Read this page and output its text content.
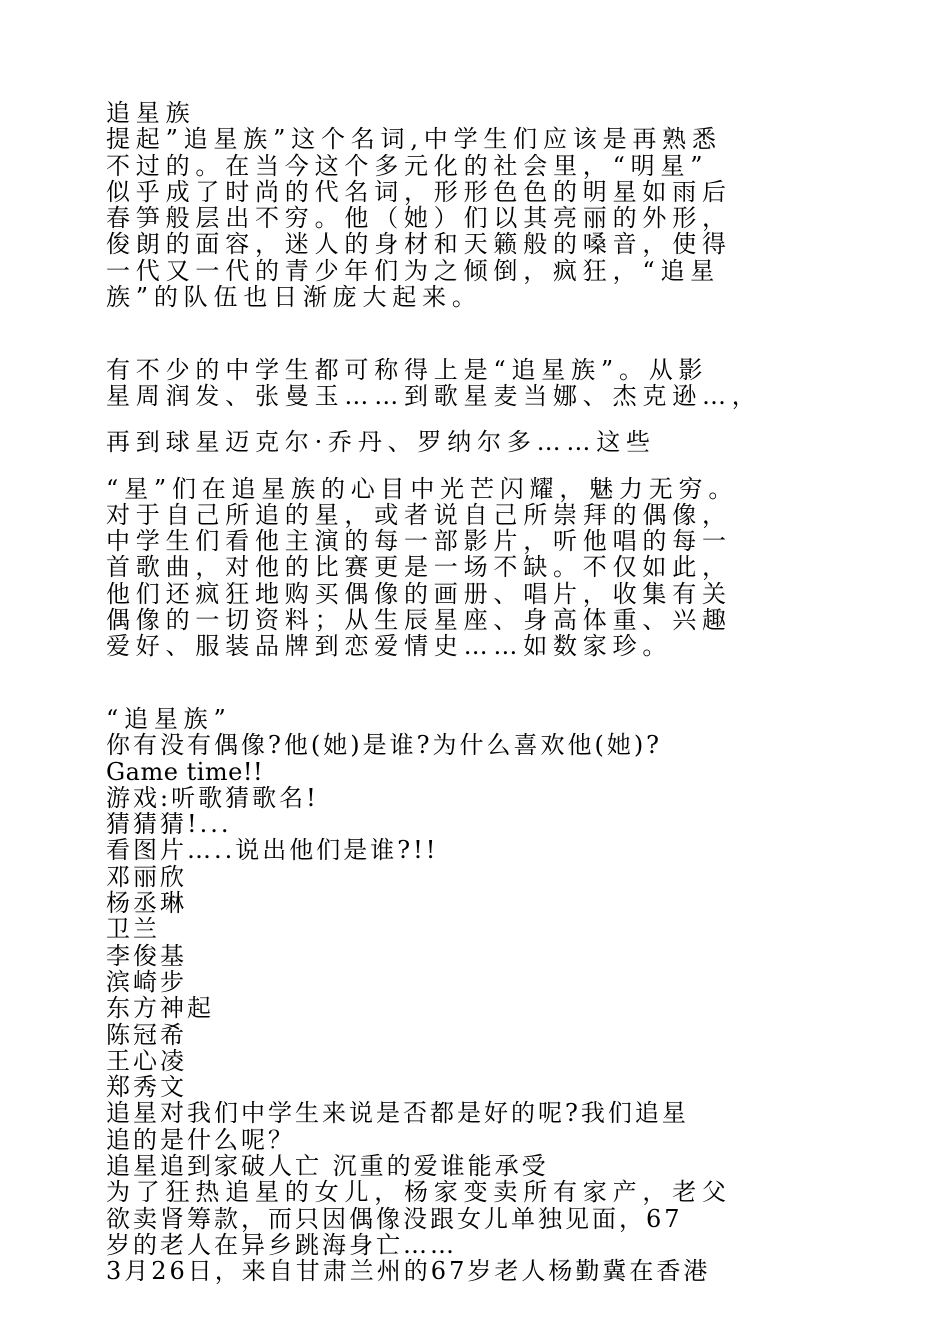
追星族
提起”追星族”这个名词,中学生们应该是再熟悉
不过的。在当今这个多元化的社会里，“明星”
似乎成了时尚的代名词，形形色色的明星如雨后
春笋般层出不穷。他（她）们以其亮丽的外形，
俊朗的面容，迷人的身材和天籁般的嗓音，使得
一代又一代的青少年们为之倾倒，疯狂，“追星
族”的队伍也日渐庞大起来。
有不少的中学生都可称得上是“追星族”。从影
星周润发、张曼玉……到歌星麦当娜、杰克逊…，
再到球星迈克尔·乔丹、罗纳尔多……这些
“星”们在追星族的心目中光芒闪耀，魅力无穷。
对于自己所追的星，或者说自己所崇拜的偶像，
中学生们看他主演的每一部影片，听他唱的每一
首歌曲，对他的比赛更是一场不缺。不仅如此，
他们还疯狂地购买偶像的画册、唱片，收集有关
偶像的一切资料；从生辰星座、身高体重、兴趣
爱好、服装品牌到恋爱情史……如数家珍。
“追星族”
你有没有偶像?他(她)是谁?为什么喜欢他(她)?
Game time!!
游戏:听歌猜歌名!
猜猜猜!...
看图片…..说出他们是谁?!!
邓丽欣
杨丞琳
卫兰
李俊基
滨崎步
东方神起
陈冠希
王心凌
郑秀文
追星对我们中学生来说是否都是好的呢?我们追星
追的是什么呢？
追星追到家破人亡 沉重的爱谁能承受
为了狂热追星的女儿，杨家变卖所有家产，老父
欲卖肾筹款，而只因偶像没跟女儿单独见面，67
岁的老人在异乡跳海身亡……
3月26日，来自甘肃兰州的67岁老人杨勤冀在香港
